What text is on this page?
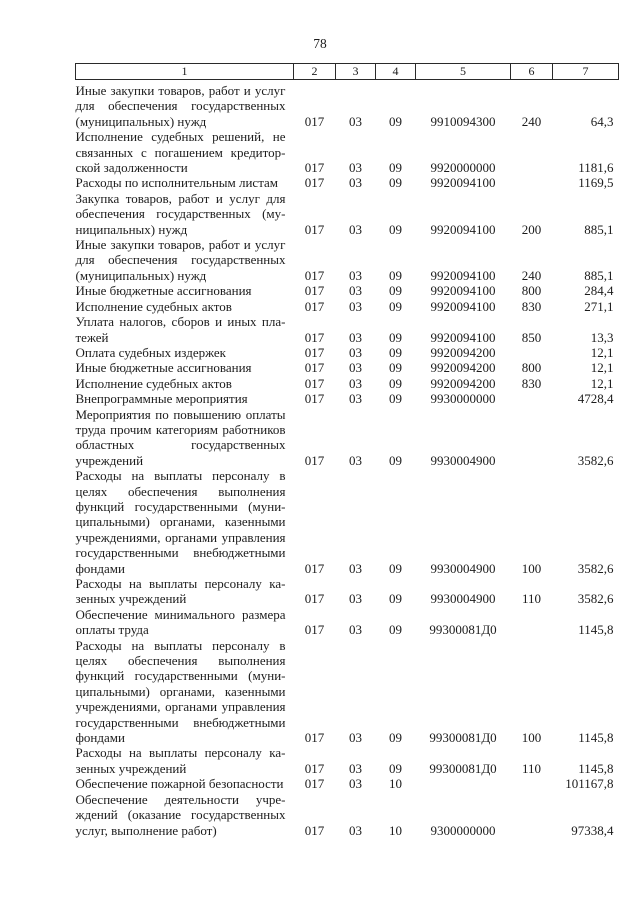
78
1	2	3	4	5	6	7
Иные закупки товаров, работ и услуг для обеспечения государственных (муниципальных) нужд	017	03	09	9910094300	240	64,3
Исполнение судебных решений, не связанных с погашением кредиторской задолженности	017	03	09	9920000000		1181,6
Расходы по исполнительным листам	017	03	09	9920094100		1169,5
Закупка товаров, работ и услуг для обеспечения государственных (муниципальных) нужд	017	03	09	9920094100	200	885,1
Иные закупки товаров, работ и услуг для обеспечения государственных (муниципальных) нужд	017	03	09	9920094100	240	885,1
Иные бюджетные ассигнования	017	03	09	9920094100	800	284,4
Исполнение судебных актов	017	03	09	9920094100	830	271,1
Уплата налогов, сборов и иных платежей	017	03	09	9920094100	850	13,3
Оплата судебных издержек	017	03	09	9920094200		12,1
Иные бюджетные ассигнования	017	03	09	9920094200	800	12,1
Исполнение судебных актов	017	03	09	9920094200	830	12,1
Внепрограммные мероприятия	017	03	09	9930000000		4728,4
Мероприятия по повышению оплаты труда прочим категориям работников областных государственных учреждений	017	03	09	9930004900		3582,6
Расходы на выплаты персоналу в целях обеспечения выполнения функций государственными (муниципальными) органами, казенными учреждениями, органами управления государственными внебюджетными фондами	017	03	09	9930004900	100	3582,6
Расходы на выплаты персоналу казенных учреждений	017	03	09	9930004900	110	3582,6
Обеспечение минимального размера оплаты труда	017	03	09	99300081Д0		1145,8
Расходы на выплаты персоналу в целях обеспечения выполнения функций государственными (муниципальными) органами, казенными учреждениями, органами управления государственными внебюджетными фондами	017	03	09	99300081Д0	100	1145,8
Расходы на выплаты персоналу казенных учреждений	017	03	09	99300081Д0	110	1145,8
Обеспечение пожарной безопасности	017	03	10			101167,8
Обеспечение деятельности учреждений (оказание государственных услуг, выполнение работ)	017	03	10	9300000000		97338,4
